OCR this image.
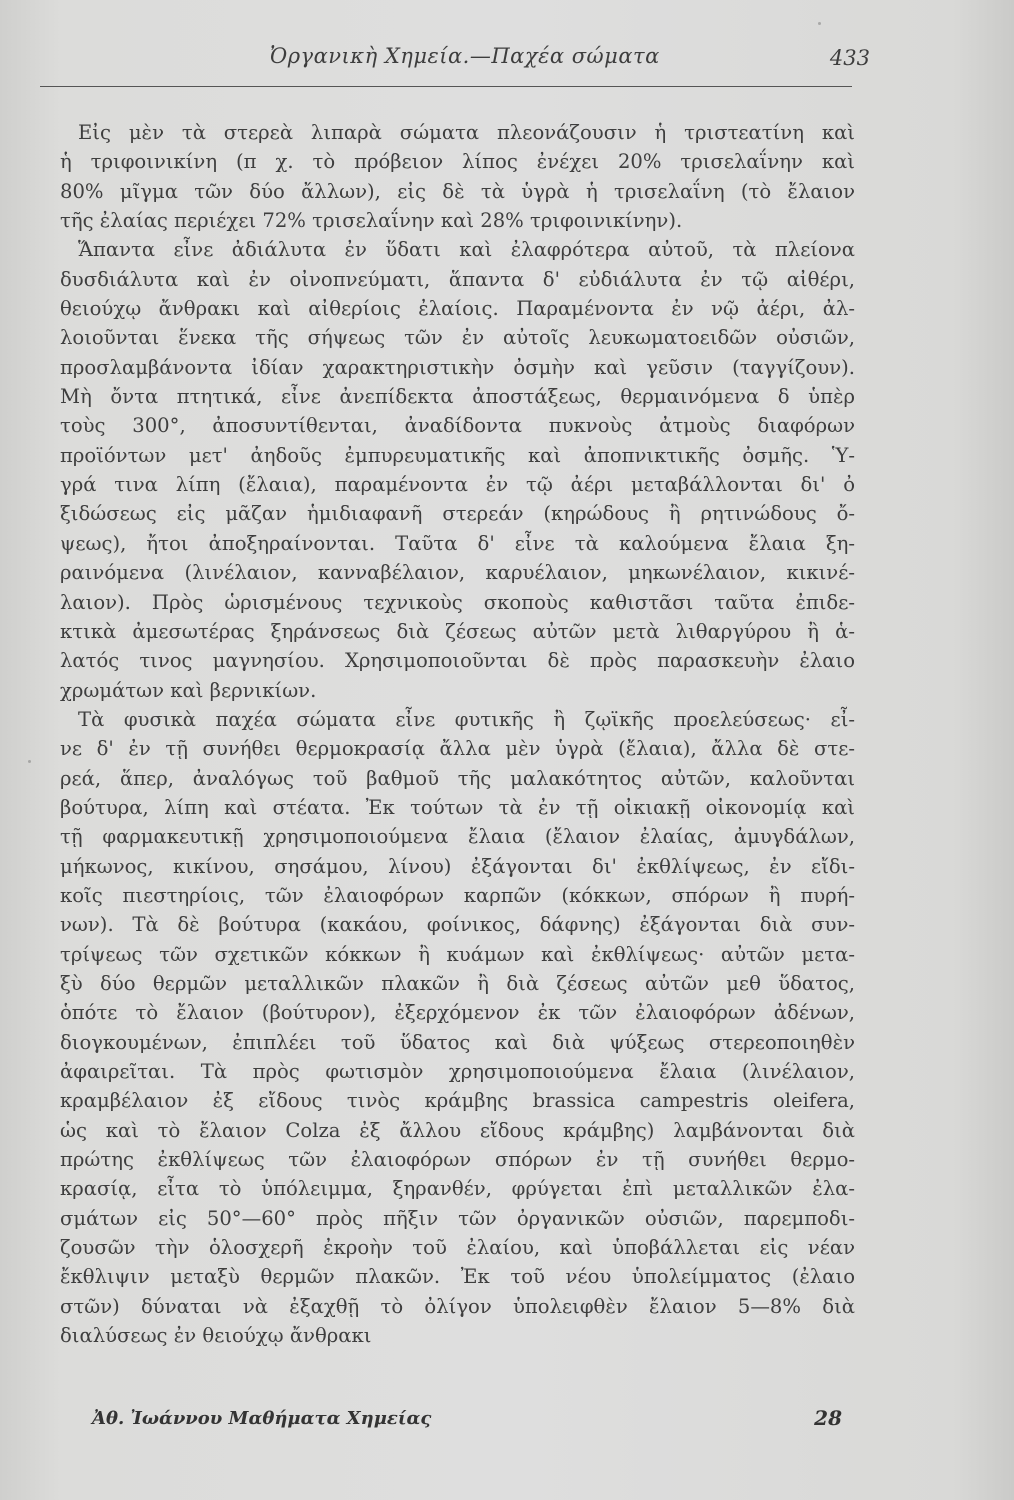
Ὀργανικὴ Χημεία.—Παχέα σώματα	433
Εἰς μὲν τὰ στερεὰ λιπαρὰ σώματα πλεονάζουσιν ἡ τριστεατίνη καὶ
ἡ τριφοινικίνη (π χ. τὸ πρόβειον λίπος ἐνέχει 20% τρισελαΐνην καὶ
80% μῖγμα τῶν δύο ἄλλων), εἰς δὲ τὰ ὑγρὰ ἡ τρισελαΐνη (τὸ ἔλαιον
τῆς ἐλαίας περιέχει 72% τρισελαΐνην καὶ 28% τριφοινικίνην).
Ἅπαντα εἶνε ἀδιάλυτα ἐν ὕδατι καὶ ἐλαφρότερα αὐτοῦ, τὰ πλείονα
δυσδιάλυτα καὶ ἐν οἰνοπνεύματι, ἅπαντα δ' εὐδιάλυτα ἐν τῷ αἰθέρι,
θειούχῳ ἄνθρακι καὶ αἰθερίοις ἐλαίοις. Παραμένοντα ἐν νῷ ἀέρι, ἀλ-
λοιοῦνται ἕνεκα τῆς σήψεως τῶν ἐν αὐτοῖς λευκωματοειδῶν οὐσιῶν,
προσλαμβάνοντα ἰδίαν χαρακτηριστικὴν ὀσμὴν καὶ γεῦσιν (ταγγίζουν).
Μὴ ὄντα πτητικά, εἶνε ἀνεπίδεκτα ἀποστάξεως, θερμαινόμενα δ ὑπὲρ
τοὺς 300°, ἀποσυντίθενται, ἀναδίδοντα πυκνοὺς ἀτμοὺς διαφόρων
προϊόντων μετ' ἀηδοῦς ἐμπυρευματικῆς καὶ ἀποπνικτικῆς ὀσμῆς. Ὑ-
γρά τινα λίπη (ἔλαια), παραμένοντα ἐν τῷ ἀέρι μεταβάλλονται δι' ὀ
ξιδώσεως εἰς μᾶζαν ἡμιδιαφανῆ στερεάν (κηρώδους ἢ ρητινώδους ὄ-
ψεως), ἤτοι ἀποξηραίνονται. Ταῦτα δ' εἶνε τὰ καλούμενα ἔλαια ξη-
ραινόμενα (λινέλαιον, κανναβέλαιον, καρυέλαιον, μηκωνέλαιον, κικινέ-
λαιον). Πρὸς ὡρισμένους τεχνικοὺς σκοποὺς καθιστᾶσι ταῦτα ἐπιδε-
κτικὰ ἀμεσωτέρας ξηράνσεως διὰ ζέσεως αὐτῶν μετὰ λιθαργύρου ἢ ἁ-
λατός τινος μαγνησίου. Χρησιμοποιοῦνται δὲ πρὸς παρασκευὴν ἐλαιο
χρωμάτων καὶ βερνικίων.
Τὰ φυσικὰ παχέα σώματα εἶνε φυτικῆς ἢ ζῳϊκῆς προελεύσεως· εἶ-
νε δ' ἐν τῇ συνήθει θερμοκρασίᾳ ἄλλα μὲν ὑγρὰ (ἔλαια), ἄλλα δὲ στε-
ρεά, ἅπερ, ἀναλόγως τοῦ βαθμοῦ τῆς μαλακότητος αὐτῶν, καλοῦνται
βούτυρα, λίπη καὶ στέατα. Ἐκ τούτων τὰ ἐν τῇ οἰκιακῇ οἰκονομίᾳ καὶ
τῇ φαρμακευτικῇ χρησιμοποιούμενα ἔλαια (ἔλαιον ἐλαίας, ἀμυγδάλων,
μήκωνος, κικίνου, σησάμου, λίνου) ἐξάγονται δι' ἐκθλίψεως, ἐν εἴδι-
κοῖς πιεστηρίοις, τῶν ἐλαιοφόρων καρπῶν (κόκκων, σπόρων ἢ πυρή-
νων). Τὰ δὲ βούτυρα (κακάου, φοίνικος, δάφνης) ἐξάγονται διὰ συν-
τρίψεως τῶν σχετικῶν κόκκων ἢ κυάμων καὶ ἐκθλίψεως· αὐτῶν μετα-
ξὺ δύο θερμῶν μεταλλικῶν πλακῶν ἢ διὰ ζέσεως αὐτῶν μεθ ὕδατος,
ὁπότε τὸ ἔλαιον (βούτυρον), ἐξερχόμενον ἐκ τῶν ἐλαιοφόρων ἀδένων,
διογκουμένων, ἐπιπλέει τοῦ ὕδατος καὶ διὰ ψύξεως στερεοποιηθὲν
ἀφαιρεῖται. Τὰ πρὸς φωτισμὸν χρησιμοποιούμενα ἔλαια (λινέλαιον,
κραμβέλαιον ἐξ εἴδους τινὸς κράμβης brassica campestris oleifera,
ὡς καὶ τὸ ἔλαιον Colza ἐξ ἄλλου εἴδους κράμβης) λαμβάνονται διὰ
πρώτης ἐκθλίψεως τῶν ἐλαιοφόρων σπόρων ἐν τῇ συνήθει θερμο-
κρασίᾳ, εἶτα τὸ ὑπόλειμμα, ξηρανθέν, φρύγεται ἐπὶ μεταλλικῶν ἐλα-
σμάτων εἰς 50°—60° πρὸς πῆξιν τῶν ὀργανικῶν οὐσιῶν, παρεμποδι-
ζουσῶν τὴν ὁλοσχερῆ ἐκροὴν τοῦ ἐλαίου, καὶ ὑποβάλλεται εἰς νέαν
ἔκθλιψιν μεταξὺ θερμῶν πλακῶν. Ἐκ τοῦ νέου ὑπολείμματος (ἐλαιο
στῶν) δύναται νὰ ἐξαχθῇ τὸ ὀλίγον ὑπολειφθὲν ἔλαιον 5—8% διὰ
διαλύσεως ἐν θειούχῳ ἄνθρακι
Ἀθ. Ἰωάννου Μαθήματα Χημείας	28
